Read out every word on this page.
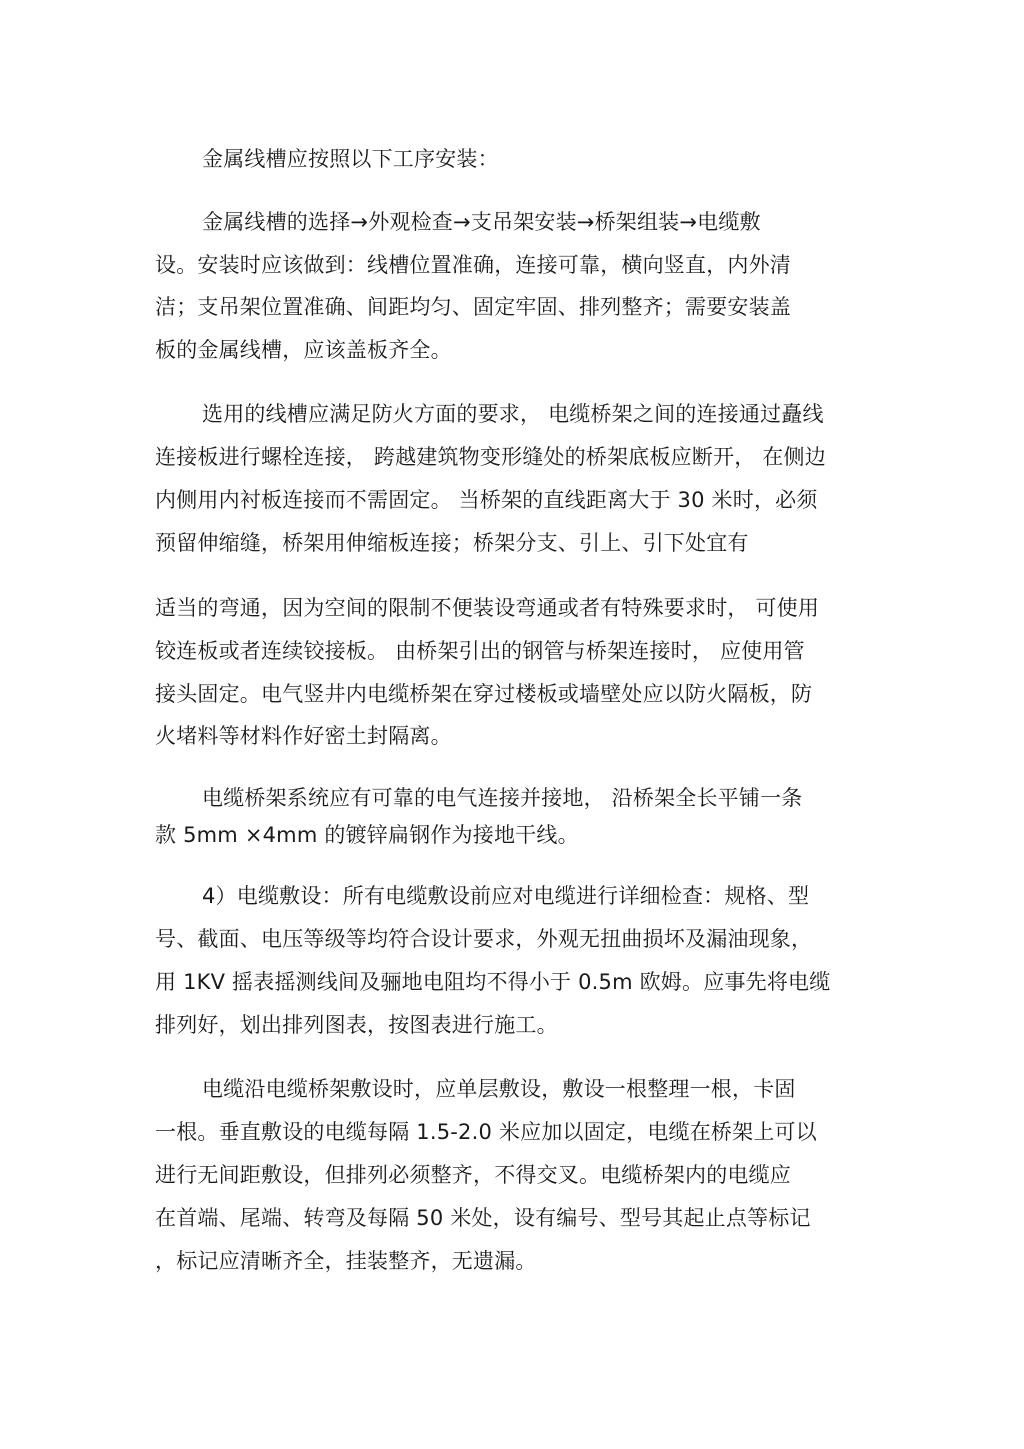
金属线槽应按照以下工序安装：
金属线槽的选择→外观检查→支吊架安装→桥架组装→电缆敷
设。安装时应该做到：线槽位置准确，连接可靠，横向竖直，内外清
洁；支吊架位置准确、间距均匀、固定牢固、排列整齐；需要安装盖
板的金属线槽，应该盖板齐全。
选用的线槽应满足防火方面的要求， 电缆桥架之间的连接通过矗线
连接板进行螺栓连接， 跨越建筑物变形缝处的桥架底板应断开， 在侧边
内侧用内衬板连接而不需固定。 当桥架的直线距离大于 30 米时，必须
预留伸缩缝，桥架用伸缩板连接；桥架分支、引上、引下处宜有
适当的弯通，因为空间的限制不便装设弯通或者有特殊要求时， 可使用
铰连板或者连续铰接板。 由桥架引出的钢管与桥架连接时， 应使用管
接头固定。电气竖井内电缆桥架在穿过楼板或墙壁处应以防火隔板，防
火堵料等材料作好密土封隔离。
电缆桥架系统应有可靠的电气连接并接地， 沿桥架全长平铺一条
款 5mm ×4mm 的镀锌扁钢作为接地干线。
4）电缆敷设：所有电缆敷设前应对电缆进行详细检查：规格、型
号、截面、电压等级等均符合设计要求，外观无扭曲损坏及漏油现象，
用 1KV 摇表摇测线间及骊地电阻均不得小于 0.5m 欧姆。应事先将电缆
排列好，划出排列图表，按图表进行施工。
电缆沿电缆桥架敷设时，应单层敷设，敷设一根整理一根，卡固
一根。垂直敷设的电缆每隔 1.5-2.0 米应加以固定，电缆在桥架上可以
进行无间距敷设，但排列必须整齐，不得交叉。电缆桥架内的电缆应
在首端、尾端、转弯及每隔 50 米处，设有编号、型号其起止点等标记
，标记应清晰齐全，挂装整齐，无遗漏。
